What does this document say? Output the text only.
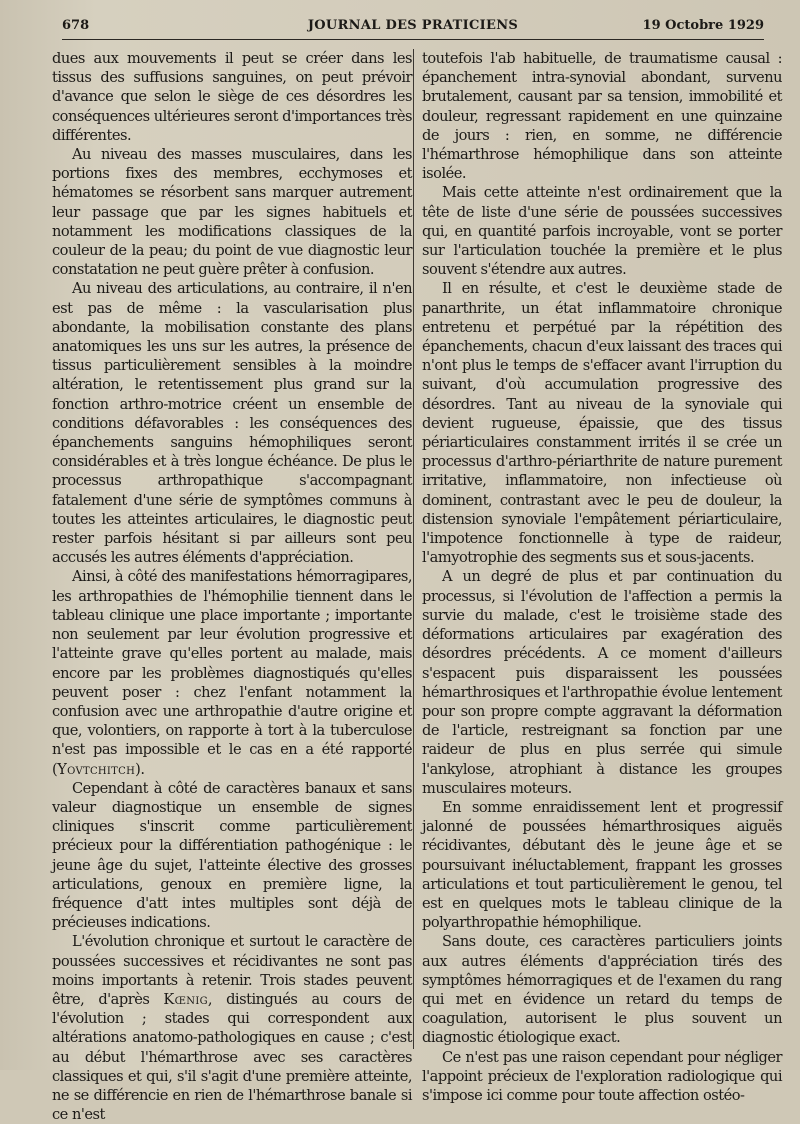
678	JOURNAL DES PRATICIENS	19 Octobre 1929

dues aux mouvements il peut se créer dans les tissus des suffusions sanguines, on peut prévoir d'avance que selon le siège de ces désordres les conséquences ultérieures seront d'importances très différentes.

Au niveau des masses musculaires, dans les portions fixes des membres, ecchymoses et hématomes se résorbent sans marquer autrement leur passage que par les signes habituels et notamment les modifications classiques de la couleur de la peau; du point de vue diagnostic leur constatation ne peut guère prêter à confusion.

Au niveau des articulations, au contraire, il n'en est pas de même : la vascularisation plus abondante, la mobilisation constante des plans anatomiques les uns sur les autres, la présence de tissus particulièrement sensibles à la moindre altération, le retentissement plus grand sur la fonction arthro-motrice créent un ensemble de conditions défavorables : les conséquences des épanchements sanguins hémophiliques seront considérables et à très longue échéance. De plus le processus arthropathique s'accompagnant fatalement d'une série de symptômes communs à toutes les atteintes articulaires, le diagnostic peut rester parfois hésitant si par ailleurs sont peu accusés les autres éléments d'appréciation.

Ainsi, à côté des manifestations hémorragipares, les arthropathies de l'hémophilie tiennent dans le tableau clinique une place importante ; importante non seulement par leur évolution progressive et l'atteinte grave qu'elles portent au malade, mais encore par les problèmes diagnostiqués qu'elles peuvent poser : chez l'enfant notamment la confusion avec une arthropathie d'autre origine et que, volontiers, on rapporte à tort à la tuberculose n'est pas impossible et le cas en a été rapporté (Yovtchitch).

Cependant à côté de caractères banaux et sans valeur diagnostique un ensemble de signes cliniques s'inscrit comme particulièrement précieux pour la différentiation pathogénique : le jeune âge du sujet, l'atteinte élective des grosses articulations, genoux en première ligne, la fréquence d'att intes multiples sont déjà de précieuses indications.

L'évolution chronique et surtout le caractère de poussées successives et récidivantes ne sont pas moins importants à retenir. Trois stades peuvent être, d'après Kœnig, distingués au cours de l'évolution ; stades qui correspondent aux altérations anatomo-pathologiques en cause ; c'est au début l'hémarthrose avec ses caractères classiques et qui, s'il s'agit d'une première atteinte, ne se différencie en rien de l'hémarthrose banale si ce n'est

toutefois l'ab habituelle, de traumatisme causal : épanchement intra-synovial abondant, survenu brutalement, causant par sa tension, immobilité et douleur, regressant rapidement en une quinzaine de jours : rien, en somme, ne différencie l'hémarthrose hémophilique dans son atteinte isolée.

Mais cette atteinte n'est ordinairement que la tête de liste d'une série de poussées successives qui, en quantité parfois incroyable, vont se porter sur l'articulation touchée la première et le plus souvent s'étendre aux autres.

Il en résulte, et c'est le deuxième stade de panarthrite, un état inflammatoire chronique entretenu et perpétué par la répétition des épanchements, chacun d'eux laissant des traces qui n'ont plus le temps de s'effacer avant l'irruption du suivant, d'où accumulation progressive des désordres. Tant au niveau de la synoviale qui devient rugueuse, épaissie, que des tissus périarticulaires constamment irrités il se crée un processus d'arthro-périarthrite de nature purement irritative, inflammatoire, non infectieuse où dominent, contrastant avec le peu de douleur, la distension synoviale l'empâtement périarticulaire, l'impotence fonctionnelle à type de raideur, l'amyotrophie des segments sus et sous-jacents.

A un degré de plus et par continuation du processus, si l'évolution de l'affection a permis la survie du malade, c'est le troisième stade des déformations articulaires par exagération des désordres précédents. A ce moment d'ailleurs s'espacent puis disparaissent les poussées hémarthrosiques et l'arthropathie évolue lentement pour son propre compte aggravant la déformation de l'article, restreignant sa fonction par une raideur de plus en plus serrée qui simule l'ankylose, atrophiant à distance les groupes musculaires moteurs.

En somme enraidissement lent et progressif jalonné de poussées hémarthrosiques aiguës récidivantes, débutant dès le jeune âge et se poursuivant inéluctablement, frappant les grosses articulations et tout particulièrement le genou, tel est en quelques mots le tableau clinique de la polyarthropathie hémophilique.

Sans doute, ces caractères particuliers joints aux autres éléments d'appréciation tirés des symptômes hémorragiques et de l'examen du rang qui met en évidence un retard du temps de coagulation, autorisent le plus souvent un diagnostic étiologique exact.

Ce n'est pas une raison cependant pour négliger l'appoint précieux de l'exploration radiologique qui s'impose ici comme pour toute affection ostéo-
